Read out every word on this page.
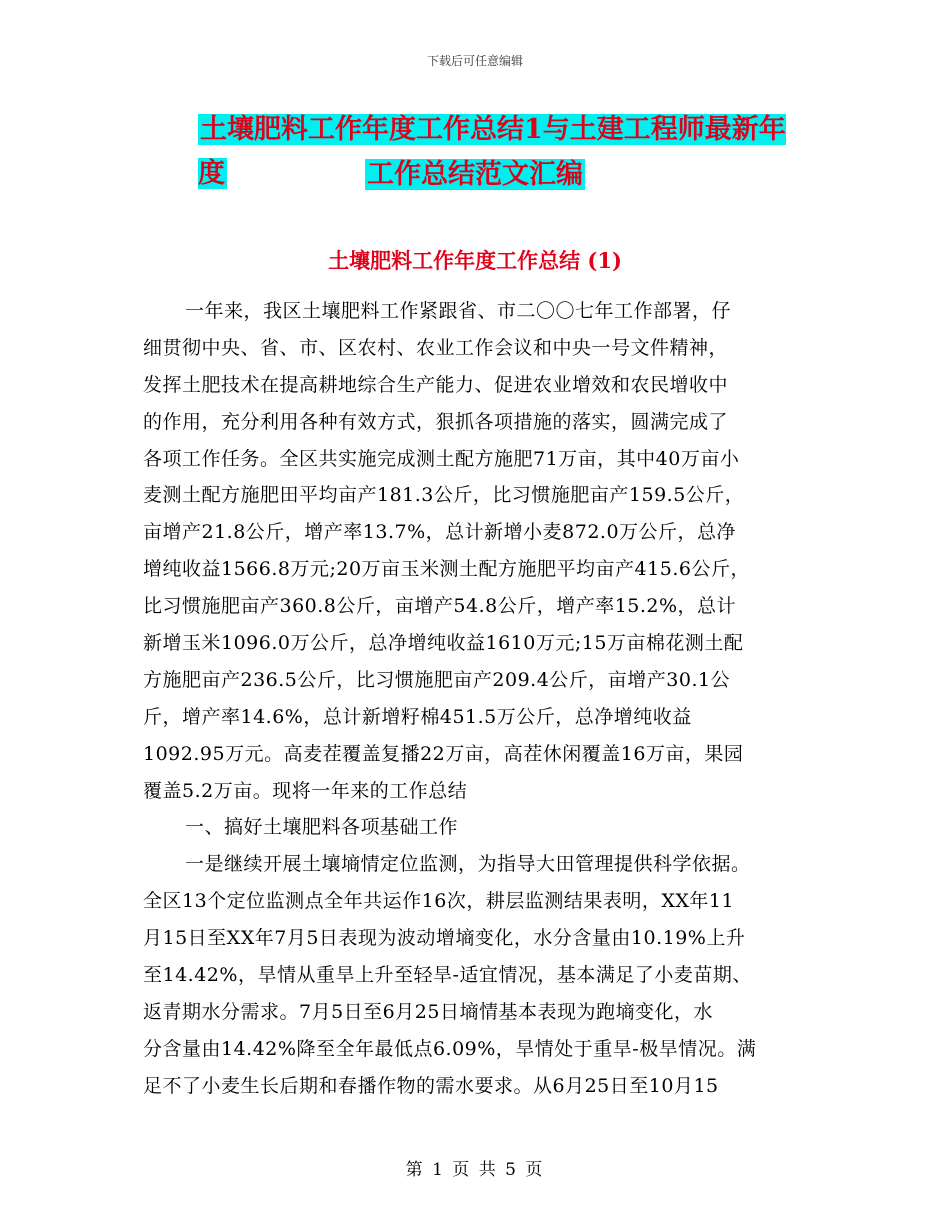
下载后可任意编辑
土壤肥料工作年度工作总结1与土建工程师最新年度	工作总结范文汇编
土壤肥料工作年度工作总结 (1)
一年来，我区土壤肥料工作紧跟省、市二〇〇七年工作部署，仔
细贯彻中央、省、市、区农村、农业工作会议和中央一号文件精神，
发挥土肥技术在提高耕地综合生产能力、促进农业增效和农民增收中
的作用，充分利用各种有效方式，狠抓各项措施的落实，圆满完成了
各项工作任务。全区共实施完成测土配方施肥71万亩，其中40万亩小
麦测土配方施肥田平均亩产181.3公斤，比习惯施肥亩产159.5公斤，
亩增产21.8公斤，增产率13.7%，总计新增小麦872.0万公斤，总净
增纯收益1566.8万元;20万亩玉米测土配方施肥平均亩产415.6公斤，
比习惯施肥亩产360.8公斤，亩增产54.8公斤，增产率15.2%，总计
新增玉米1096.0万公斤，总净增纯收益1610万元;15万亩棉花测土配
方施肥亩产236.5公斤，比习惯施肥亩产209.4公斤，亩增产30.1公
斤，增产率14.6%，总计新增籽棉451.5万公斤，总净增纯收益
1092.95万元。高麦茬覆盖复播22万亩，高茬休闲覆盖16万亩，果园
覆盖5.2万亩。现将一年来的工作总结
一、搞好土壤肥料各项基础工作
一是继续开展土壤墒情定位监测，为指导大田管理提供科学依据。
全区13个定位监测点全年共运作16次，耕层监测结果表明，XX年11
月15日至XX年7月5日表现为波动增墒变化，水分含量由10.19%上升
至14.42%，旱情从重旱上升至轻旱-适宜情况，基本满足了小麦苗期、
返青期水分需求。7月5日至6月25日墒情基本表现为跑墒变化，水
分含量由14.42%降至全年最低点6.09%，旱情处于重旱-极旱情况。满
足不了小麦生长后期和春播作物的需水要求。从6月25日至10月15
第 1 页 共 5 页
